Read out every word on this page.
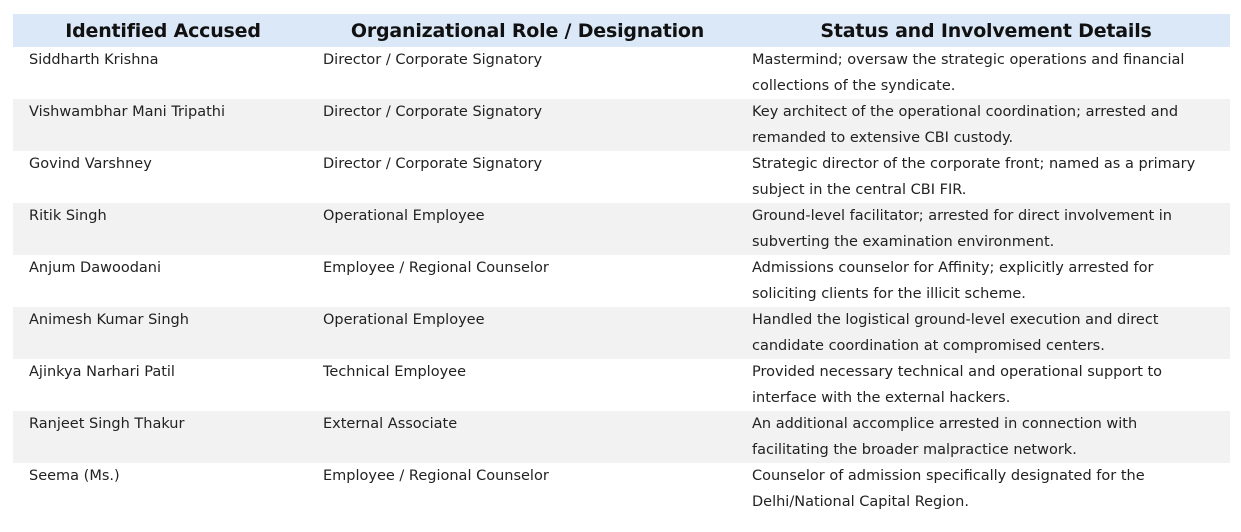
Identified Accused	Organizational Role / Designation	Status and Involvement Details
Siddharth Krishna	Director / Corporate Signatory	Mastermind; oversaw the strategic operations and financial collections of the syndicate.
Vishwambhar Mani Tripathi	Director / Corporate Signatory	Key architect of the operational coordination; arrested and remanded to extensive CBI custody.
Govind Varshney	Director / Corporate Signatory	Strategic director of the corporate front; named as a primary subject in the central CBI FIR.
Ritik Singh	Operational Employee	Ground-level facilitator; arrested for direct involvement in subverting the examination environment.
Anjum Dawoodani	Employee / Regional Counselor	Admissions counselor for Affinity; explicitly arrested for soliciting clients for the illicit scheme.
Animesh Kumar Singh	Operational Employee	Handled the logistical ground-level execution and direct candidate coordination at compromised centers.
Ajinkya Narhari Patil	Technical Employee	Provided necessary technical and operational support to interface with the external hackers.
Ranjeet Singh Thakur	External Associate	An additional accomplice arrested in connection with facilitating the broader malpractice network.
Seema (Ms.)	Employee / Regional Counselor	Counselor of admission specifically designated for the Delhi/National Capital Region.
